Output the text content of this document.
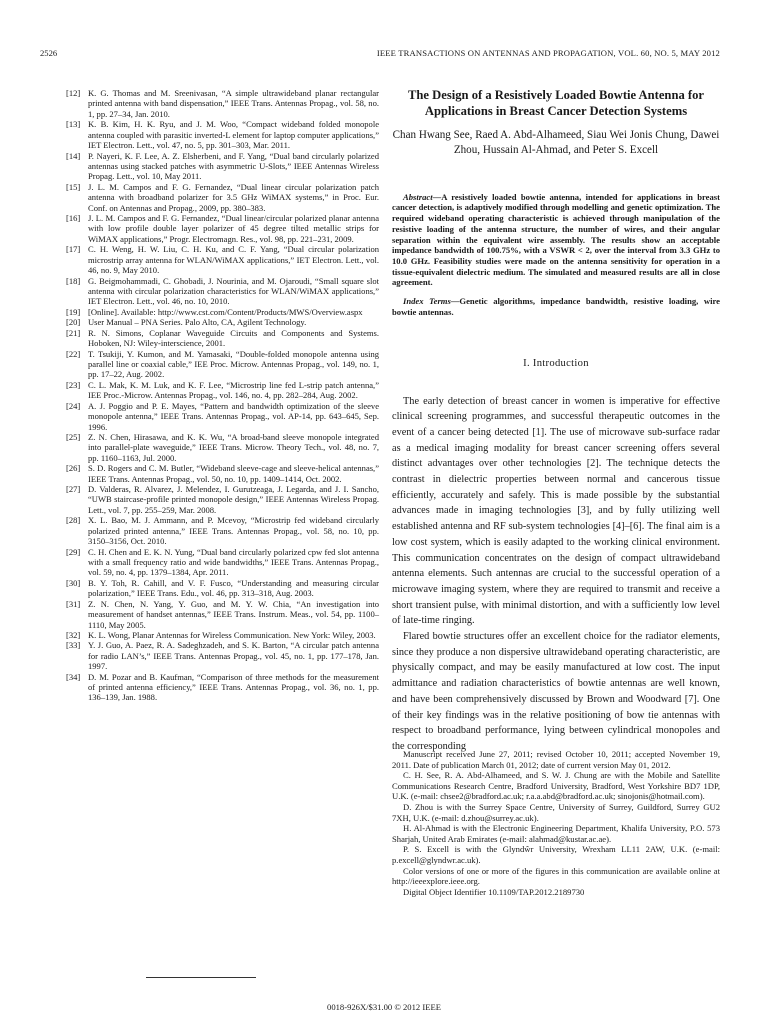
2526	IEEE TRANSACTIONS ON ANTENNAS AND PROPAGATION, VOL. 60, NO. 5, MAY 2012
[12] K. G. Thomas and M. Sreenivasan, “A simple ultrawideband planar rectangular printed antenna with band dispensation,” IEEE Trans. Antennas Propag., vol. 58, no. 1, pp. 27–34, Jan. 2010.
[13] K. B. Kim, H. K. Ryu, and J. M. Woo, “Compact wideband folded monopole antenna coupled with parasitic inverted-L element for laptop computer applications,” IET Electron. Lett., vol. 47, no. 5, pp. 301–303, Mar. 2011.
[14] P. Nayeri, K. F. Lee, A. Z. Elsherbeni, and F. Yang, “Dual band circularly polarized antennas using stacked patches with asymmetric U-Slots,” IEEE Antennas Wireless Propag. Lett., vol. 10, May 2011.
[15] J. L. M. Campos and F. G. Fernandez, “Dual linear circular polarization patch antenna with broadband polarizer for 3.5 GHz WiMAX systems,” in Proc. Eur. Conf. on Antennas and Propag., 2009, pp. 380–383.
[16] J. L. M. Campos and F. G. Fernandez, “Dual linear/circular polarized planar antenna with low profile double layer polarizer of 45 degree tilted metallic strips for WiMAX applications,” Progr. Electromagn. Res., vol. 98, pp. 221–231, 2009.
[17] C. H. Weng, H. W. Liu, C. H. Ku, and C. F. Yang, “Dual circular polarization microstrip array antenna for WLAN/WiMAX applications,” IET Electron. Lett., vol. 46, no. 9, May 2010.
[18] G. Beigmohammadi, C. Ghobadi, J. Nourinia, and M. Ojaroudi, “Small square slot antenna with circular polarization characteristics for WLAN/WiMAX applications,” IET Electron. Lett., vol. 46, no. 10, 2010.
[19] [Online]. Available: http://www.cst.com/Content/Products/MWS/Overview.aspx
[20] User Manual – PNA Series. Palo Alto, CA, Agilent Technology.
[21] R. N. Simons, Coplanar Waveguide Circuits and Components and Systems. Hoboken, NJ: Wiley-interscience, 2001.
[22] T. Tsukiji, Y. Kumon, and M. Yamasaki, “Double-folded monopole antenna using parallel line or coaxial cable,” IEE Proc. Microw. Antennas Propag., vol. 149, no. 1, pp. 17–22, Aug. 2002.
[23] C. L. Mak, K. M. Luk, and K. F. Lee, “Microstrip line fed L-strip patch antenna,” IEE Proc.-Microw. Antennas Propag., vol. 146, no. 4, pp. 282–284, Aug. 2002.
[24] A. J. Poggio and P. E. Mayes, “Pattern and bandwidth optimization of the sleeve monopole antenna,” IEEE Trans. Antennas Propag., vol. AP-14, pp. 643–645, Sep. 1996.
[25] Z. N. Chen, Hirasawa, and K. K. Wu, “A broad-band sleeve monopole integrated into parallel-plate waveguide,” IEEE Trans. Microw. Theory Tech., vol. 48, no. 7, pp. 1160–1163, Jul. 2000.
[26] S. D. Rogers and C. M. Butler, “Wideband sleeve-cage and sleeve-helical antennas,” IEEE Trans. Antennas Propag., vol. 50, no. 10, pp. 1409–1414, Oct. 2002.
[27] D. Valderas, R. Alvarez, J. Melendez, I. Gurutzeaga, J. Legarda, and J. I. Sancho, “UWB staircase-profile printed monopole design,” IEEE Antennas Wireless Propag. Lett., vol. 7, pp. 255–259, Mar. 2008.
[28] X. L. Bao, M. J. Ammann, and P. Mcevoy, “Microstrip fed wideband circularly polarized printed antenna,” IEEE Trans. Antennas Propag., vol. 58, no. 10, pp. 3150–3156, Oct. 2010.
[29] C. H. Chen and E. K. N. Yung, “Dual band circularly polarized cpw fed slot antenna with a small frequency ratio and wide bandwidths,” IEEE Trans. Antennas Propag., vol. 59, no. 4, pp. 1379–1384, Apr. 2011.
[30] B. Y. Toh, R. Cahill, and V. F. Fusco, “Understanding and measuring circular polarization,” IEEE Trans. Edu., vol. 46, pp. 313–318, Aug. 2003.
[31] Z. N. Chen, N. Yang, Y. Guo, and M. Y. W. Chia, “An investigation into measurement of handset antennas,” IEEE Trans. Instrum. Meas., vol. 54, pp. 1100–1110, May 2005.
[32] K. L. Wong, Planar Antennas for Wireless Communication. New York: Wiley, 2003.
[33] Y. J. Guo, A. Paez, R. A. Sadeghzadeh, and S. K. Barton, “A circular patch antenna for radio LAN’s,” IEEE Trans. Antennas Propag., vol. 45, no. 1, pp. 177–178, Jan. 1997.
[34] D. M. Pozar and B. Kaufman, “Comparison of three methods for the measurement of printed antenna efficiency,” IEEE Trans. Antennas Propag., vol. 36, no. 1, pp. 136–139, Jan. 1988.
The Design of a Resistively Loaded Bowtie Antenna for Applications in Breast Cancer Detection Systems
Chan Hwang See, Raed A. Abd-Alhameed, Siau Wei Jonis Chung, Dawei Zhou, Hussain Al-Ahmad, and Peter S. Excell
Abstract—A resistively loaded bowtie antenna, intended for applications in breast cancer detection, is adaptively modified through modelling and genetic optimization. The required wideband operating characteristic is achieved through manipulation of the resistive loading of the antenna structure, the number of wires, and their angular separation within the equivalent wire assembly. The results show an acceptable impedance bandwidth of 100.75%, with a VSWR < 2, over the interval from 3.3 GHz to 10.0 GHz. Feasibility studies were made on the antenna sensitivity for operation in a tissue-equivalent dielectric medium. The simulated and measured results are all in close agreement.
Index Terms—Genetic algorithms, impedance bandwidth, resistive loading, wire bowtie antennas.
I. Introduction

The early detection of breast cancer in women is imperative for effective clinical screening programmes, and successful therapeutic outcomes in the event of a cancer being detected [1]. The use of microwave sub-surface radar as a medical imaging modality for breast cancer screening offers several distinct advantages over other technologies [2]. The technique detects the contrast in dielectric properties between normal and cancerous tissue efficiently, accurately and safely. This is made possible by the substantial advances made in imaging technologies [3], and by fully utilizing well established antenna and RF sub-system technologies [4]–[6]. The final aim is a low cost system, which is easily adapted to the working clinical environment. This communication concentrates on the design of compact ultrawideband antenna elements. Such antennas are crucial to the successful operation of a microwave imaging system, where they are required to transmit and receive a short transient pulse, with minimal distortion, and with a sufficiently low level of late-time ringing.

Flared bowtie structures offer an excellent choice for the radiator elements, since they produce a non dispersive ultrawideband operating characteristic, are physically compact, and may be easily manufactured at low cost. The input admittance and radiation characteristics of bowtie antennas are well known, and have been comprehensively discussed by Brown and Woodward [7]. One of their key findings was in the relative positioning of bow tie antennas with respect to broadband performance, lying between cylindrical monopoles and the corresponding

Manuscript received June 27, 2011; revised October 10, 2011; accepted November 19, 2011. Date of publication March 01, 2012; date of current version May 01, 2012.

C. H. See, R. A. Abd-Alhameed, and S. W. J. Chung are with the Mobile and Satellite Communications Research Centre, Bradford University, Bradford, West Yorkshire BD7 1DP, U.K. (e-mail: chsee2@bradford.ac.uk; r.a.a.abd@bradford.ac.uk; sinojonis@hotmail.com).

D. Zhou is with the Surrey Space Centre, University of Surrey, Guildford, Surrey GU2 7XH, U.K. (e-mail: d.zhou@surrey.ac.uk).

H. Al-Ahmad is with the Electronic Engineering Department, Khalifa University, P.O. 573 Sharjah, United Arab Emirates (e-mail: alahmad@kustar.ac.ae).

P. S. Excell is with the Glyndŵr University, Wrexham LL11 2AW, U.K. (e-mail: p.excell@glyndwr.ac.uk).

Color versions of one or more of the figures in this communication are available online at http://ieeexplore.ieee.org.

Digital Object Identifier 10.1109/TAP.2012.2189730

0018-926X/$31.00 © 2012 IEEE
